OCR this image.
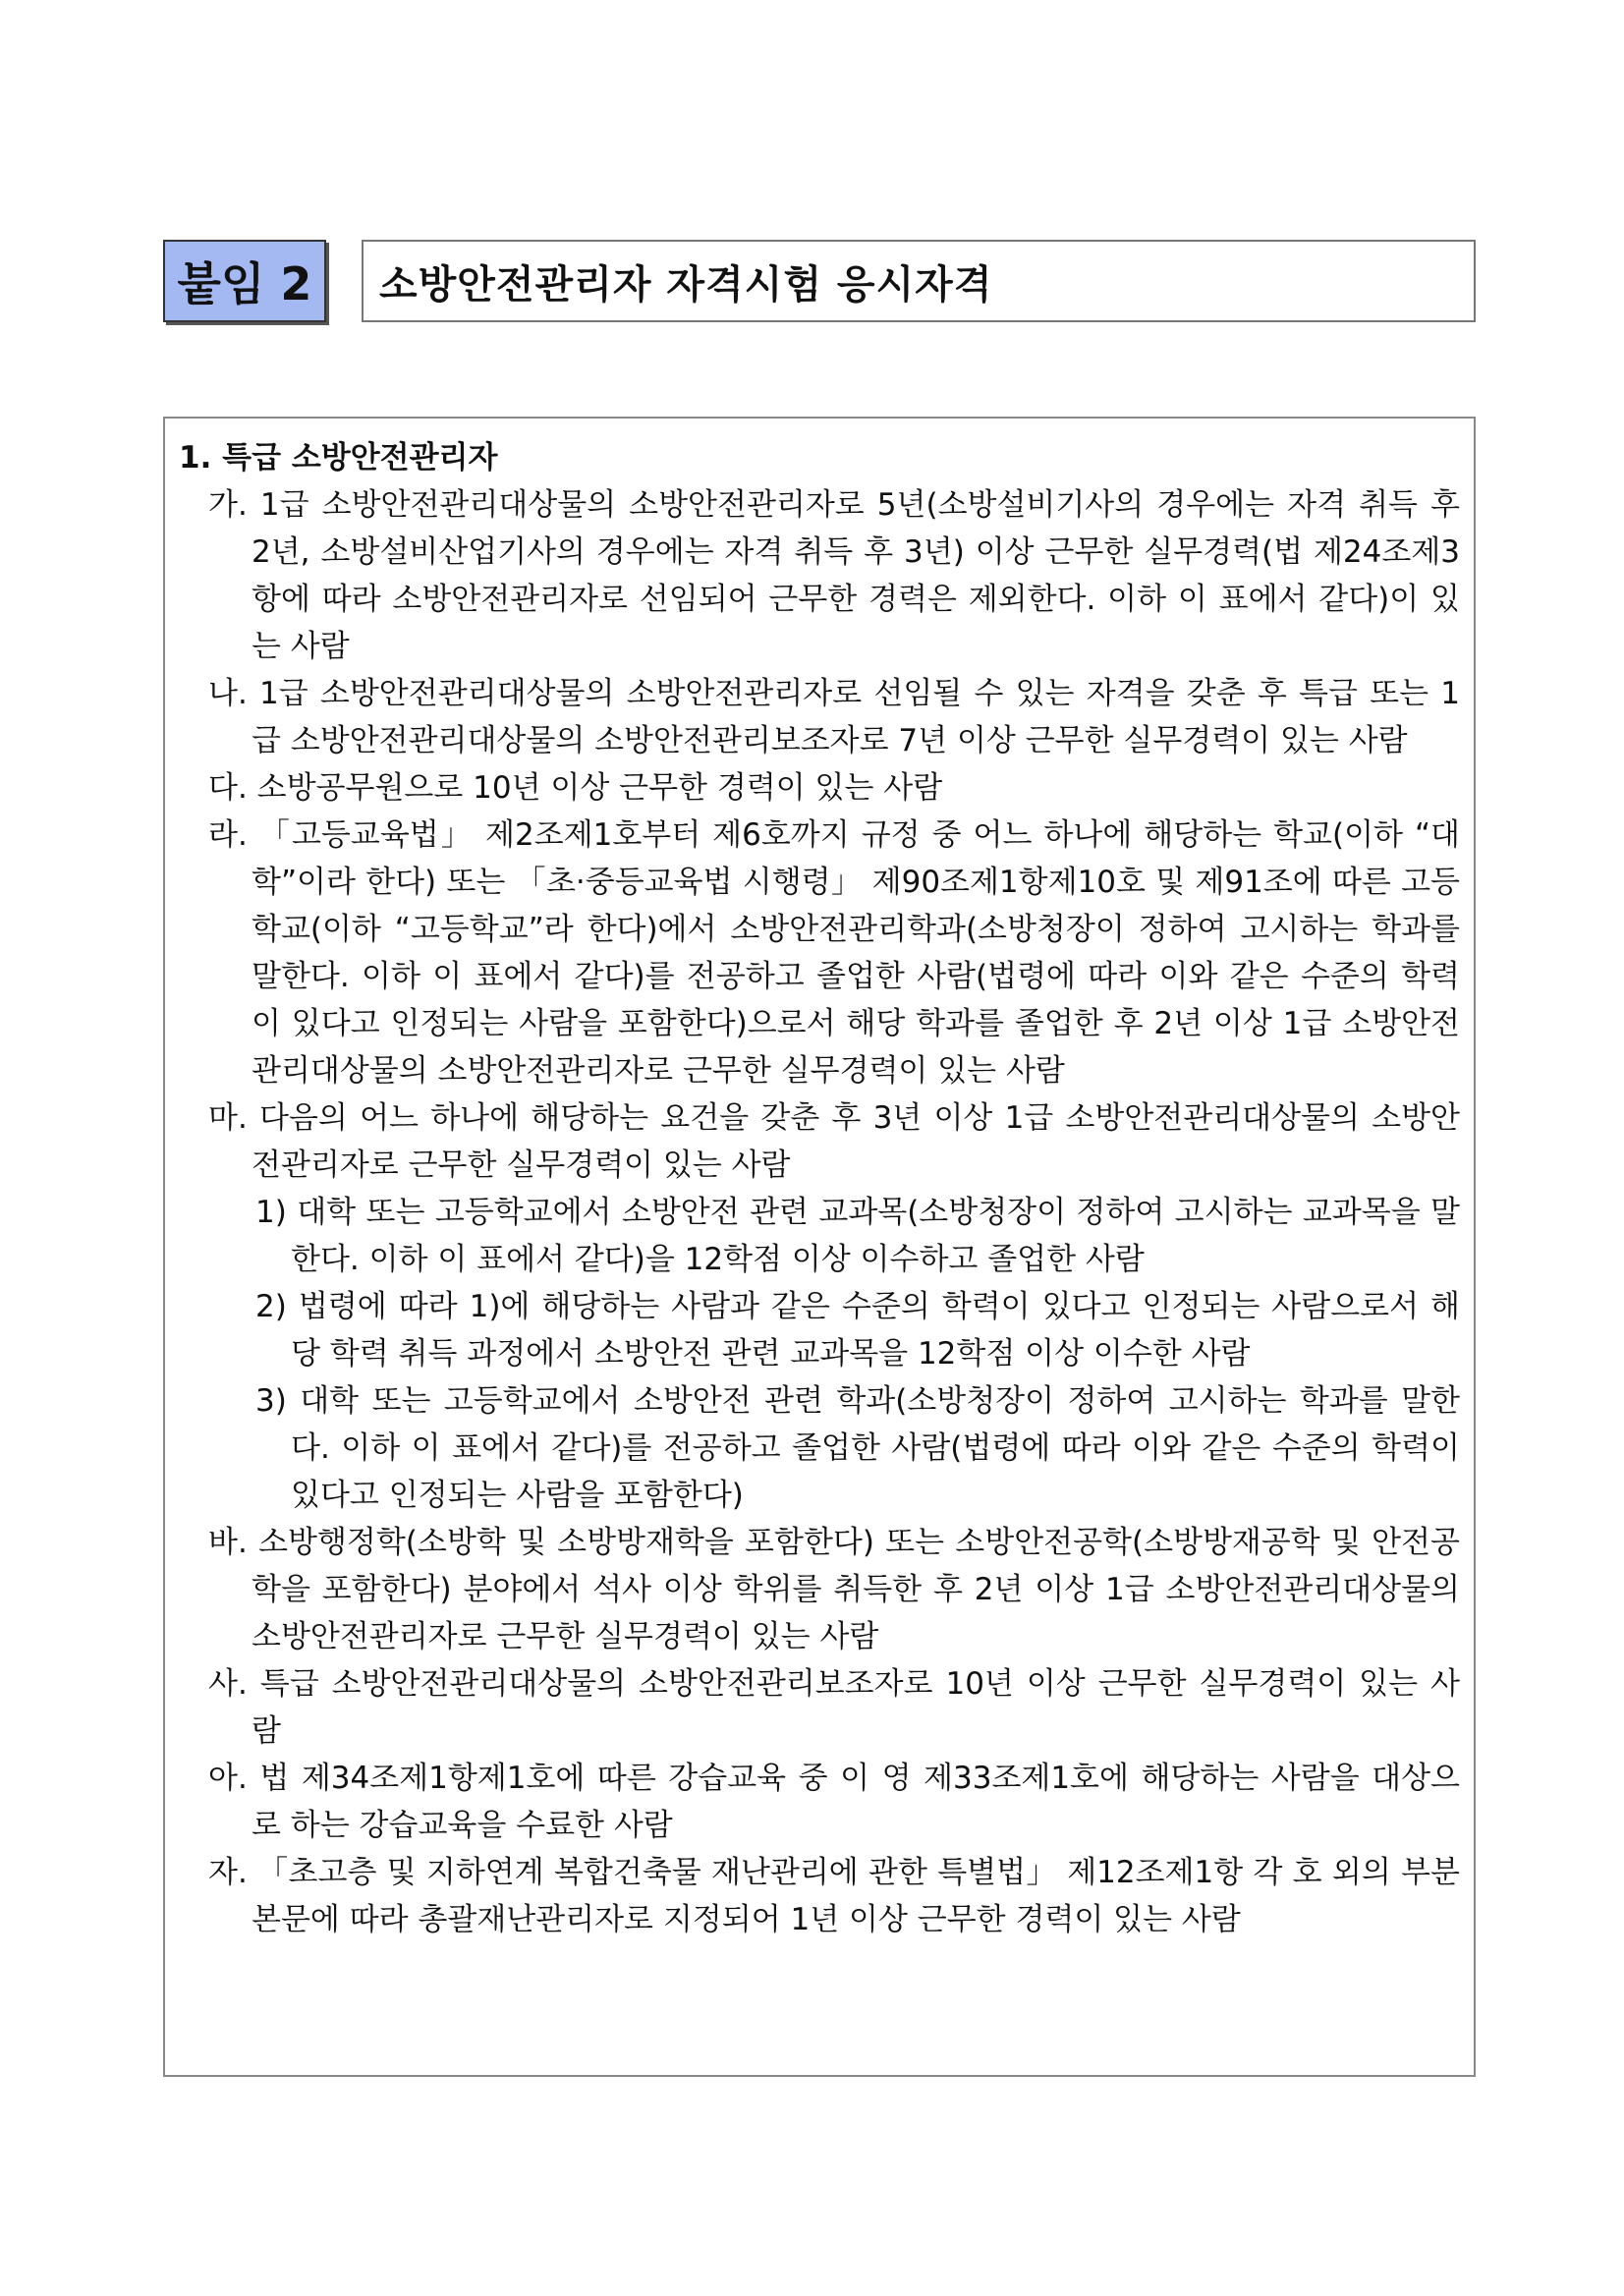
붙임 2	소방안전관리자 자격시험 응시자격
1. 특급 소방안전관리자
가. 1급 소방안전관리대상물의 소방안전관리자로 5년(소방설비기사의 경우에는 자격 취득 후 2년, 소방설비산업기사의 경우에는 자격 취득 후 3년) 이상 근무한 실무경력(법 제24조제3항에 따라 소방안전관리자로 선임되어 근무한 경력은 제외한다. 이하 이 표에서 같다)이 있는 사람
나. 1급 소방안전관리대상물의 소방안전관리자로 선임될 수 있는 자격을 갖춘 후 특급 또는 1급 소방안전관리대상물의 소방안전관리보조자로 7년 이상 근무한 실무경력이 있는 사람
다. 소방공무원으로 10년 이상 근무한 경력이 있는 사람
라. 「고등교육법」 제2조제1호부터 제6호까지 규정 중 어느 하나에 해당하는 학교(이하 “대학”이라 한다) 또는 「초·중등교육법 시행령」 제90조제1항제10호 및 제91조에 따른 고등학교(이하 “고등학교”라 한다)에서 소방안전관리학과(소방청장이 정하여 고시하는 학과를 말한다. 이하 이 표에서 같다)를 전공하고 졸업한 사람(법령에 따라 이와 같은 수준의 학력이 있다고 인정되는 사람을 포함한다)으로서 해당 학과를 졸업한 후 2년 이상 1급 소방안전관리대상물의 소방안전관리자로 근무한 실무경력이 있는 사람
마. 다음의 어느 하나에 해당하는 요건을 갖춘 후 3년 이상 1급 소방안전관리대상물의 소방안전관리자로 근무한 실무경력이 있는 사람
1) 대학 또는 고등학교에서 소방안전 관련 교과목(소방청장이 정하여 고시하는 교과목을 말한다. 이하 이 표에서 같다)을 12학점 이상 이수하고 졸업한 사람
2) 법령에 따라 1)에 해당하는 사람과 같은 수준의 학력이 있다고 인정되는 사람으로서 해당 학력 취득 과정에서 소방안전 관련 교과목을 12학점 이상 이수한 사람
3) 대학 또는 고등학교에서 소방안전 관련 학과(소방청장이 정하여 고시하는 학과를 말한다. 이하 이 표에서 같다)를 전공하고 졸업한 사람(법령에 따라 이와 같은 수준의 학력이 있다고 인정되는 사람을 포함한다)
바. 소방행정학(소방학 및 소방방재학을 포함한다) 또는 소방안전공학(소방방재공학 및 안전공학을 포함한다) 분야에서 석사 이상 학위를 취득한 후 2년 이상 1급 소방안전관리대상물의 소방안전관리자로 근무한 실무경력이 있는 사람
사. 특급 소방안전관리대상물의 소방안전관리보조자로 10년 이상 근무한 실무경력이 있는 사람
아. 법 제34조제1항제1호에 따른 강습교육 중 이 영 제33조제1호에 해당하는 사람을 대상으로 하는 강습교육을 수료한 사람
자. 「초고층 및 지하연계 복합건축물 재난관리에 관한 특별법」 제12조제1항 각 호 외의 부분 본문에 따라 총괄재난관리자로 지정되어 1년 이상 근무한 경력이 있는 사람
